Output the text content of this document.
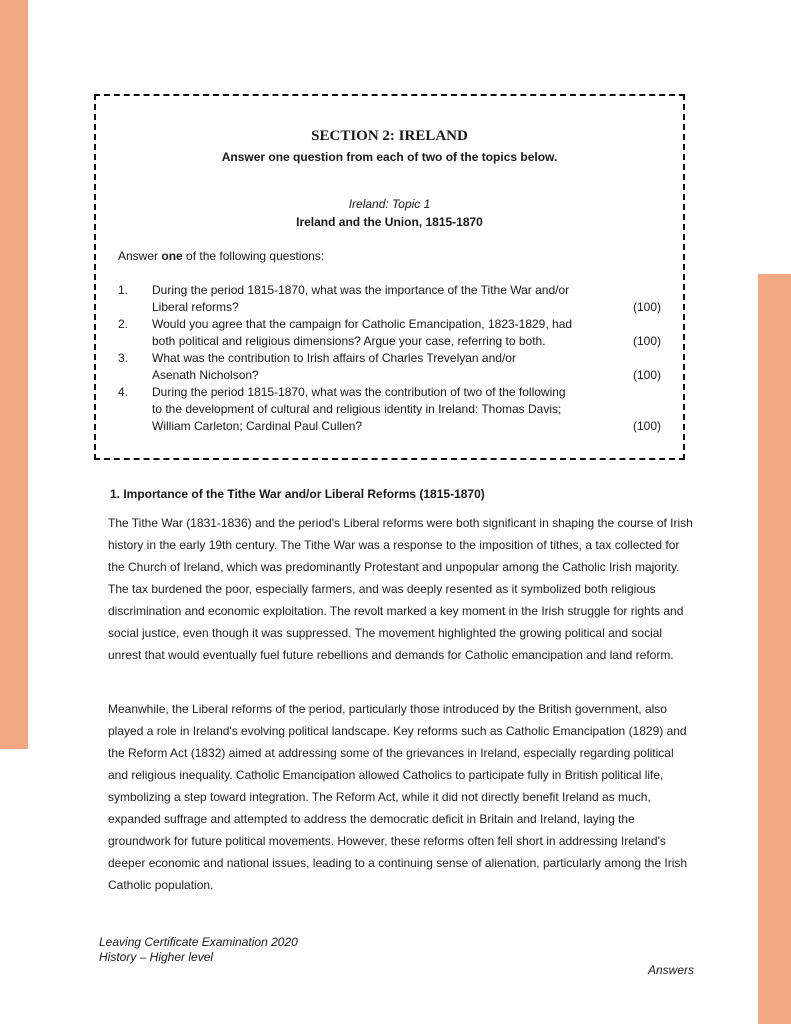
SECTION 2: IRELAND
Answer one question from each of two of the topics below.
Ireland: Topic 1
Ireland and the Union, 1815-1870
Answer one of the following questions:
1. During the period 1815-1870, what was the importance of the Tithe War and/or
Liberal reforms?	(100)
2. Would you agree that the campaign for Catholic Emancipation, 1823-1829, had
both political and religious dimensions? Argue your case, referring to both.	(100)
3. What was the contribution to Irish affairs of Charles Trevelyan and/or
Asenath Nicholson?	(100)
4. During the period 1815-1870, what was the contribution of two of the following
to the development of cultural and religious identity in Ireland: Thomas Davis;
William Carleton; Cardinal Paul Cullen?	(100)
1. Importance of the Tithe War and/or Liberal Reforms (1815-1870)

The Tithe War (1831-1836) and the period's Liberal reforms were both significant in shaping the course of Irish history in the early 19th century. The Tithe War was a response to the imposition of tithes, a tax collected for the Church of Ireland, which was predominantly Protestant and unpopular among the Catholic Irish majority. The tax burdened the poor, especially farmers, and was deeply resented as it symbolized both religious discrimination and economic exploitation. The revolt marked a key moment in the Irish struggle for rights and social justice, even though it was suppressed. The movement highlighted the growing political and social unrest that would eventually fuel future rebellions and demands for Catholic emancipation and land reform.

Meanwhile, the Liberal reforms of the period, particularly those introduced by the British government, also played a role in Ireland's evolving political landscape. Key reforms such as Catholic Emancipation (1829) and the Reform Act (1832) aimed at addressing some of the grievances in Ireland, especially regarding political and religious inequality. Catholic Emancipation allowed Catholics to participate fully in British political life, symbolizing a step toward integration. The Reform Act, while it did not directly benefit Ireland as much, expanded suffrage and attempted to address the democratic deficit in Britain and Ireland, laying the groundwork for future political movements. However, these reforms often fell short in addressing Ireland's deeper economic and national issues, leading to a continuing sense of alienation, particularly among the Irish Catholic population.

Leaving Certificate Examination 2020
History – Higher level
Answers
